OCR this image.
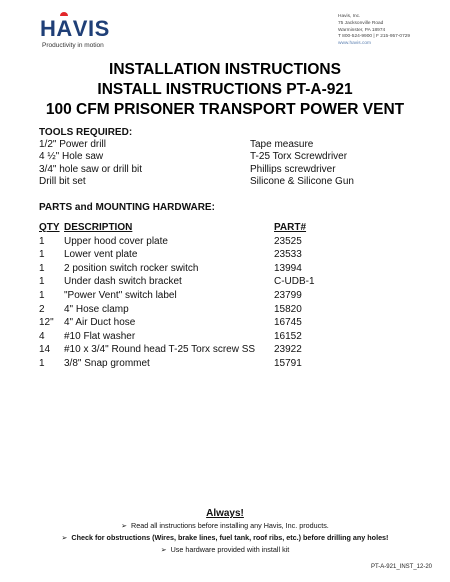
HAVIS
Productivity in motion
Havis, Inc.
75 Jacksonville Road
Warminster, PA 18974
T 800-524-9900 | F 215-957-0729
www.havis.com
INSTALLATION INSTRUCTIONS
INSTALL INSTRUCTIONS PT-A-921
100 CFM PRISONER TRANSPORT POWER VENT
TOOLS REQUIRED:
1/2" Power drill
4 ½" Hole saw
3/4" hole saw or drill bit
Drill bit set
Tape measure
T-25 Torx Screwdriver
Phillips screwdriver
Silicone & Silicone Gun
PARTS and MOUNTING HARDWARE:
QTY DESCRIPTION	PART#
1	Upper hood cover plate	23525
1	Lower vent plate	23533
1	2 position switch rocker switch	13994
1	Under dash switch bracket	C-UDB-1
1	"Power Vent" switch label	23799
2	4" Hose clamp	15820
12"	4" Air Duct hose	16745
4	#10 Flat washer	16152
14	#10 x 3/4" Round head T-25 Torx screw SS	23922
1	3/8" Snap grommet	15791
Always!
➢ Read all instructions before installing any Havis, Inc. products.
➢ Check for obstructions (Wires, brake lines, fuel tank, roof ribs, etc.) before drilling any holes!
➢ Use hardware provided with install kit
PT-A-921_INST_12-20
